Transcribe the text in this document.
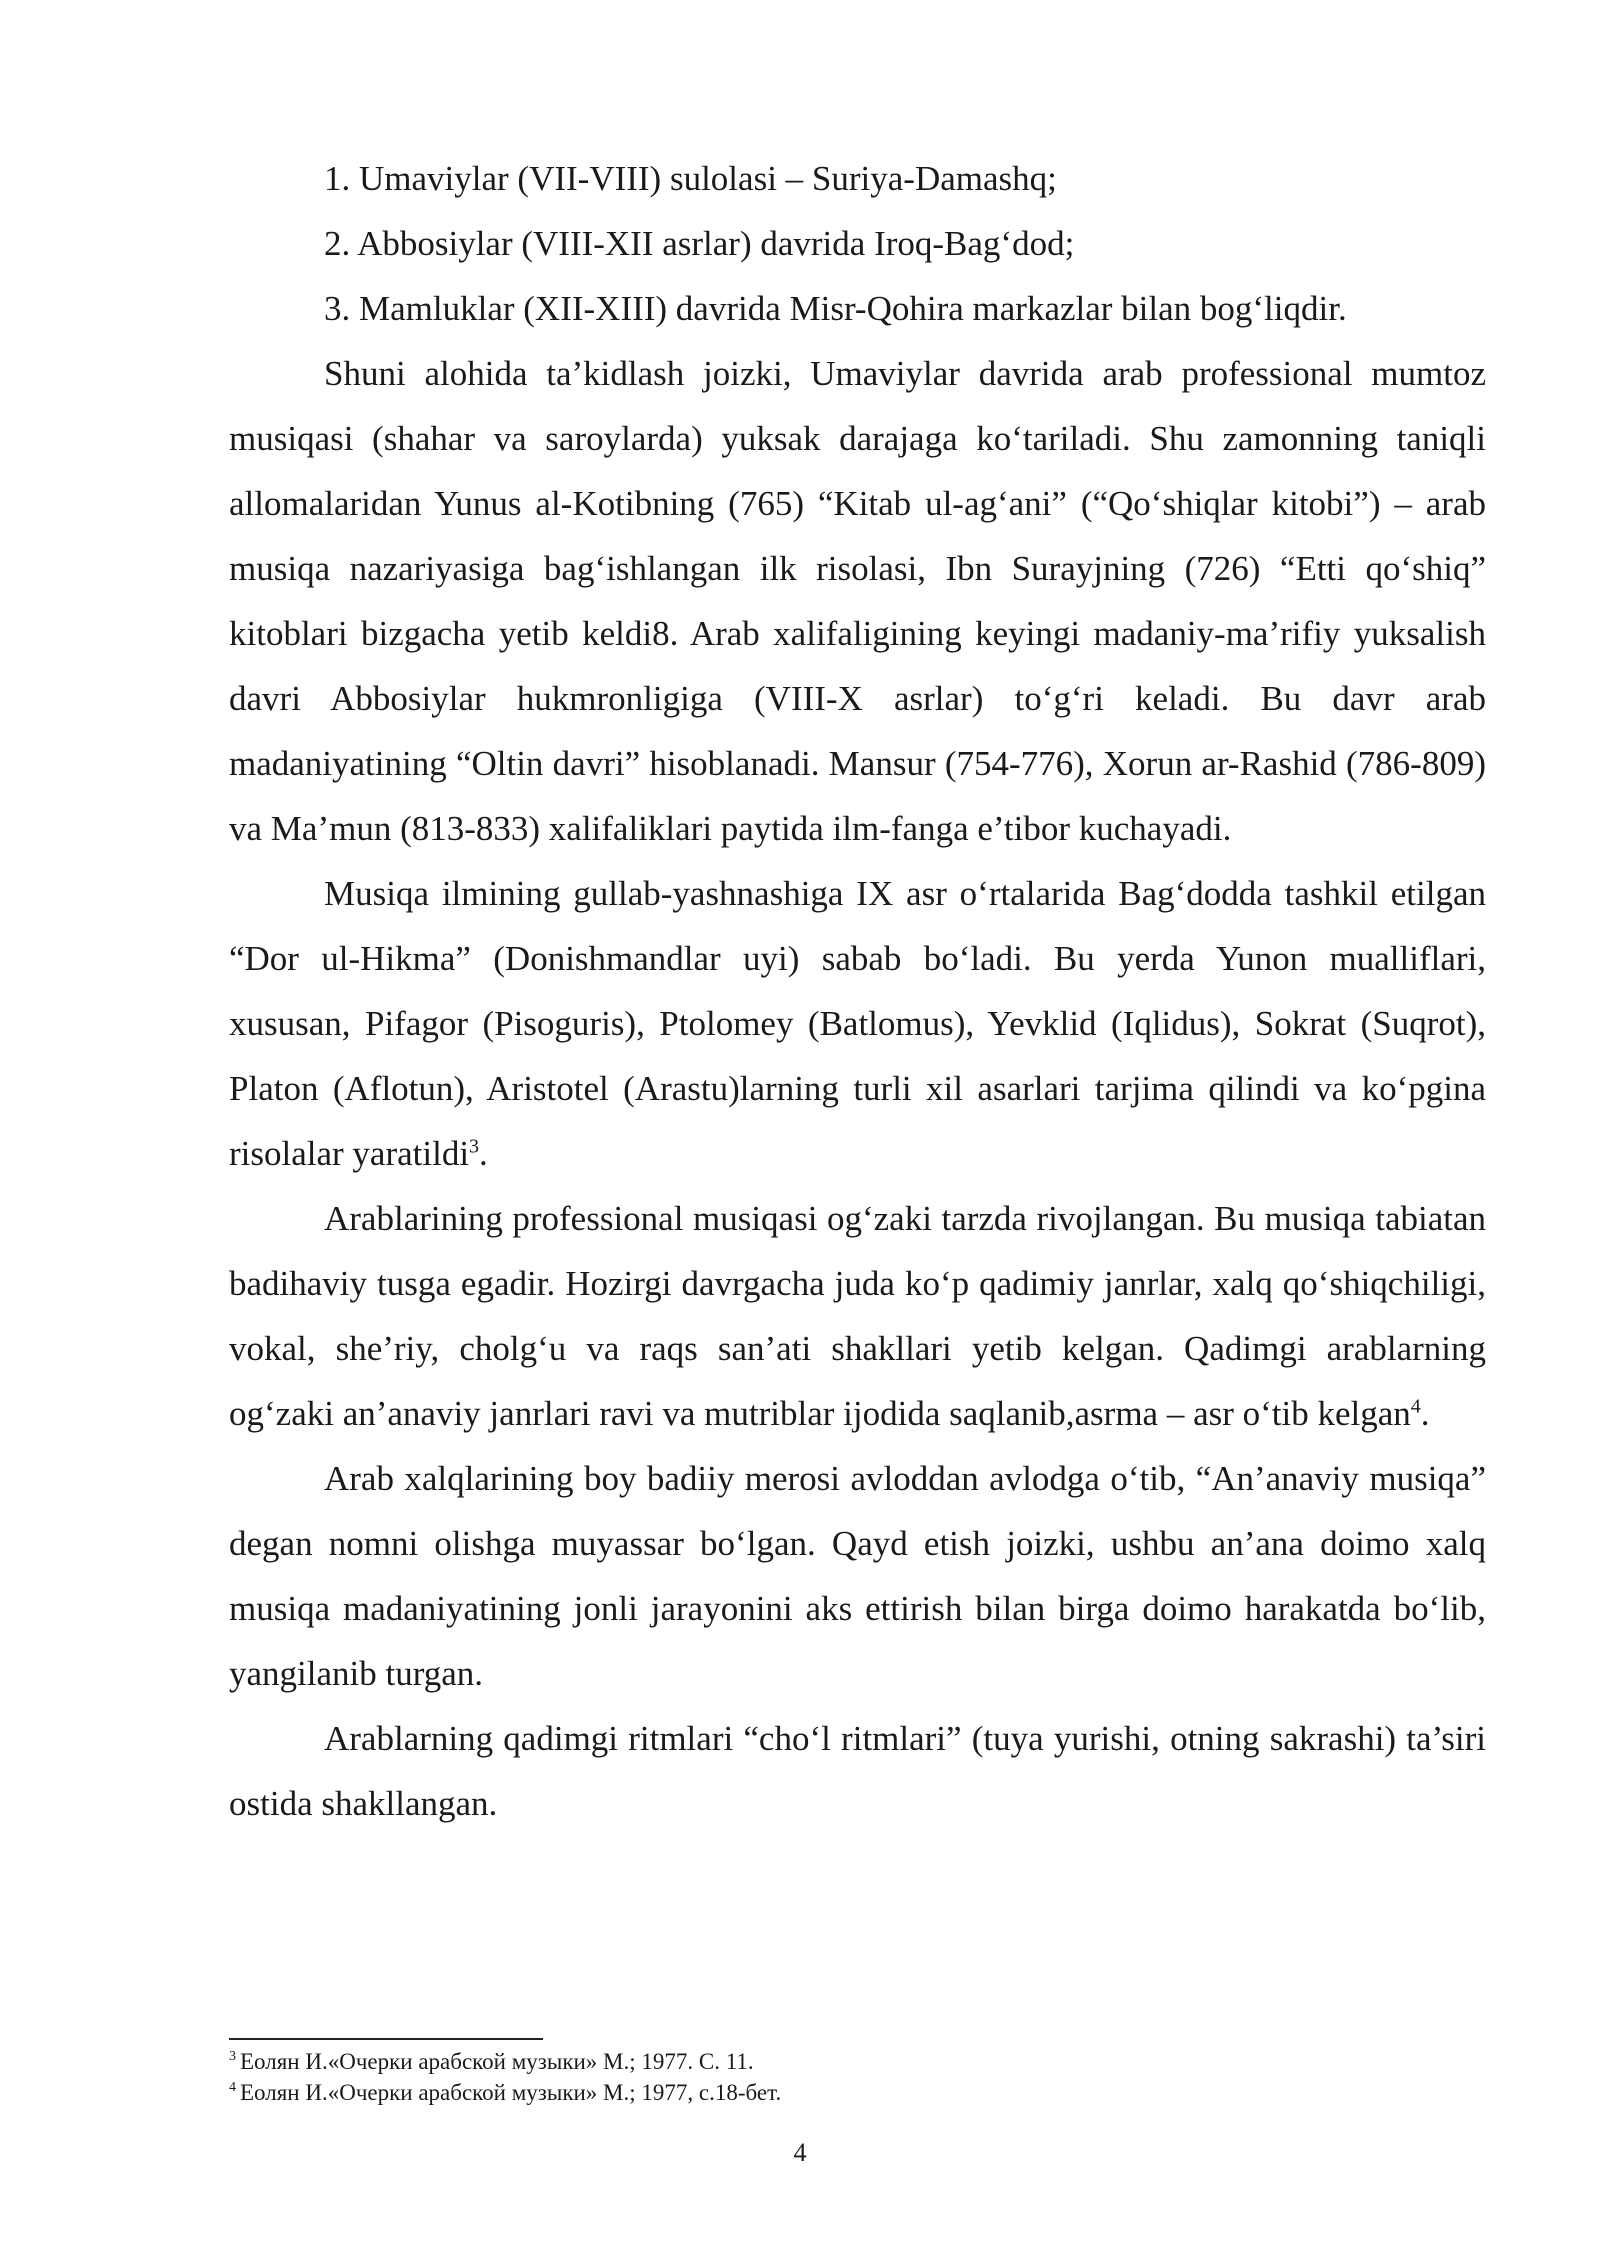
1. Umaviylar (VII-VIII) sulolasi – Suriya-Damashq;
2. Abbosiylar (VIII-XII asrlar) davrida Iroq-Bag‘dod;
3. Mamluklar (XII-XIII) davrida Misr-Qohira markazlar bilan bog‘liqdir.

Shuni alohida ta’kidlash joizki, Umaviylar davrida arab professional mumtoz musiqasi (shahar va saroylarda) yuksak darajaga ko‘tariladi. Shu zamonning taniqli allomalaridan Yunus al-Kotibning (765) “Kitab ul-ag‘ani” (“Qo‘shiqlar kitobi”) – arab musiqa nazariyasiga bag‘ishlangan ilk risolasi, Ibn Surayjning (726) “Etti qo‘shiq” kitoblari bizgacha yetib keldi8. Arab xalifaligining keyingi madaniy-ma’rifiy yuksalish davri Abbosiylar hukmronligiga (VIII-X asrlar) to‘g‘ri keladi. Bu davr arab madaniyatining “Oltin davri” hisoblanadi. Mansur (754-776), Xorun ar-Rashid (786-809) va Ma’mun (813-833) xalifaliklari paytida ilm-fanga e’tibor kuchayadi.

Musiqa ilmining gullab-yashnashiga IX asr o‘rtalarida Bag‘dodda tashkil etilgan “Dor ul-Hikma” (Donishmandlar uyi) sabab bo‘ladi. Bu yerda Yunon mualliflari, xususan, Pifagor (Pisoguris), Ptolomey (Batlomus), Yevklid (Iqlidus), Sokrat (Suqrot), Platon (Aflotun), Aristotel (Arastu)larning turli xil asarlari tarjima qilindi va ko‘pgina risolalar yaratildi$^3$.

Arablarining professional musiqasi og‘zaki tarzda rivojlangan. Bu musiqa tabiatan badihaviy tusga egadir. Hozirgi davrgacha juda ko‘p qadimiy janrlar, xalq qo‘shiqchiligi, vokal, she’riy, cholg‘u va raqs san’ati shakllari yetib kelgan. Qadimgi arablarning og‘zaki an’anaviy janrlari ravi va mutriblar ijodida saqlanib,asrma – asr o‘tib kelgan$^4$.

Arab xalqlarining boy badiiy merosi avloddan avlodga o‘tib, “An’anaviy musiqa” degan nomni olishga muyassar bo‘lgan. Qayd etish joizki, ushbu an’ana doimo xalq musiqa madaniyatining jonli jarayonini aks ettirish bilan birga doimo harakatda bo‘lib, yangilanib turgan.

Arablarning qadimgi ritmlari “cho‘l ritmlari” (tuya yurishi, otning sakrashi) ta’siri ostida shakllangan.

$^3$ Еолян И.«Очерки арабской музыки» М.; 1977. С. 11.
$^4$ Еолян И.«Очерки арабской музыки» М.; 1977, с.18-бет.
4
